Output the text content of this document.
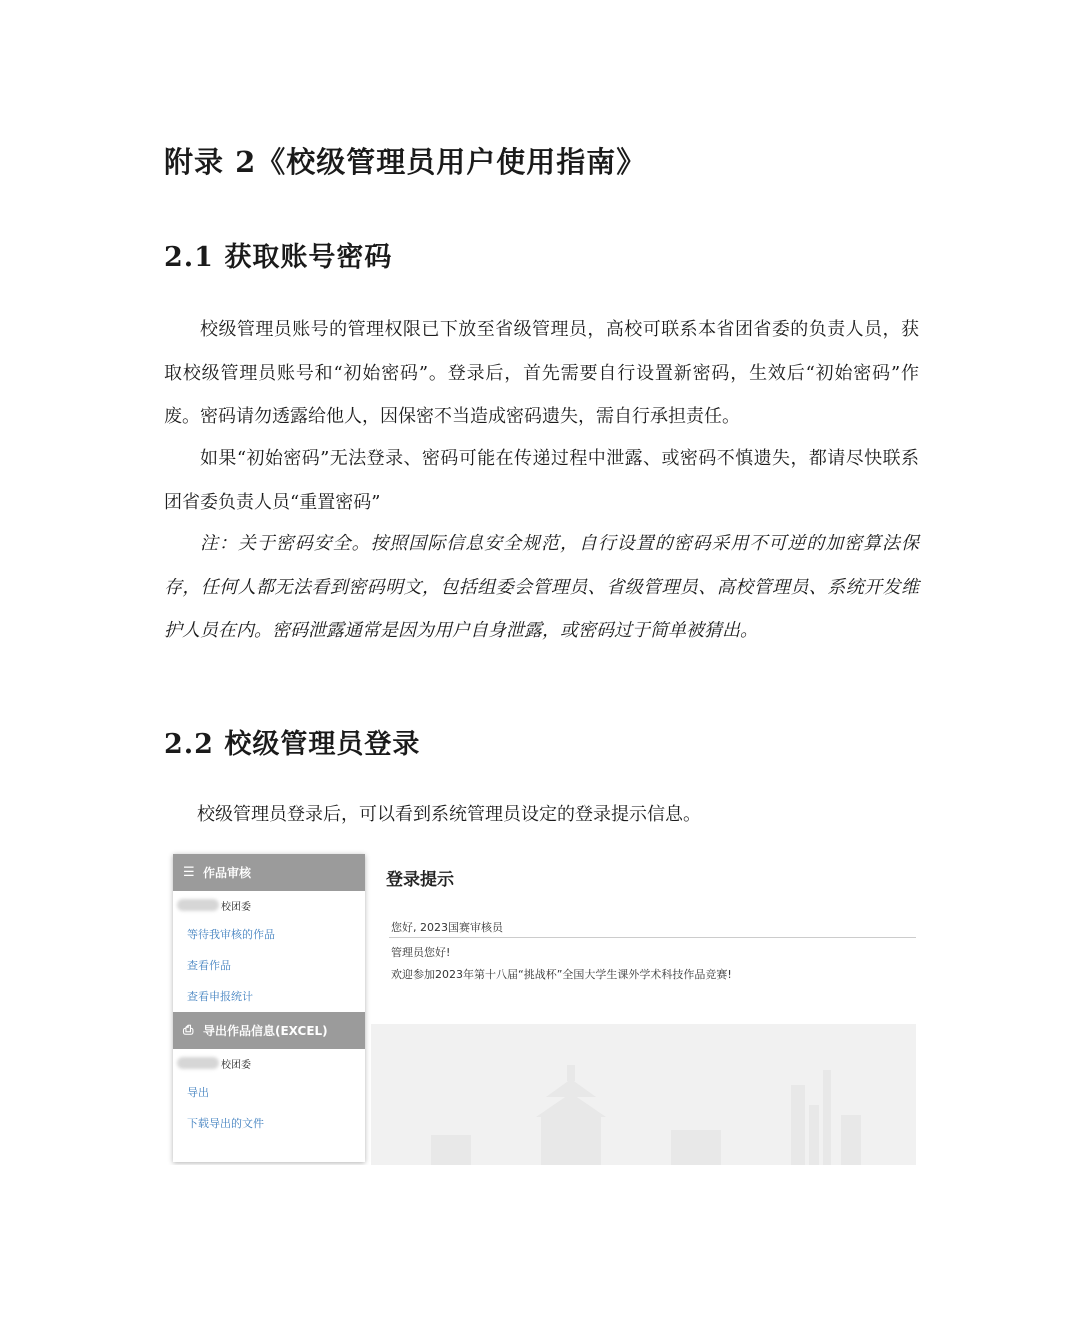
附录 2《校级管理员用户使用指南》
2.1 获取账号密码

校级管理员账号的管理权限已下放至省级管理员，高校可联系本省团省委的负责人员，获取校级管理员账号和“初始密码”。登录后，首先需要自行设置新密码，生效后“初始密码”作废。密码请勿透露给他人，因保密不当造成密码遗失，需自行承担责任。

如果“初始密码”无法登录、密码可能在传递过程中泄露、或密码不慎遗失，都请尽快联系团省委负责人员“重置密码”

注：关于密码安全。按照国际信息安全规范，自行设置的密码采用不可逆的加密算法保存，任何人都无法看到密码明文，包括组委会管理员、省级管理员、高校管理员、系统开发维护人员在内。密码泄露通常是因为用户自身泄露，或密码过于简单被猜出。

2.2 校级管理员登录

校级管理员登录后，可以看到系统管理员设定的登录提示信息。

☰ 作品审核
校团委
等待我审核的作品
查看作品
查看申报统计
⎙ 导出作品信息(EXCEL)
校团委
导出
下载导出的文件
登录提示
您好, 2023国赛审核员
管理员您好!
欢迎参加2023年第十八届“挑战杯”全国大学生课外学术科技作品竞赛!
